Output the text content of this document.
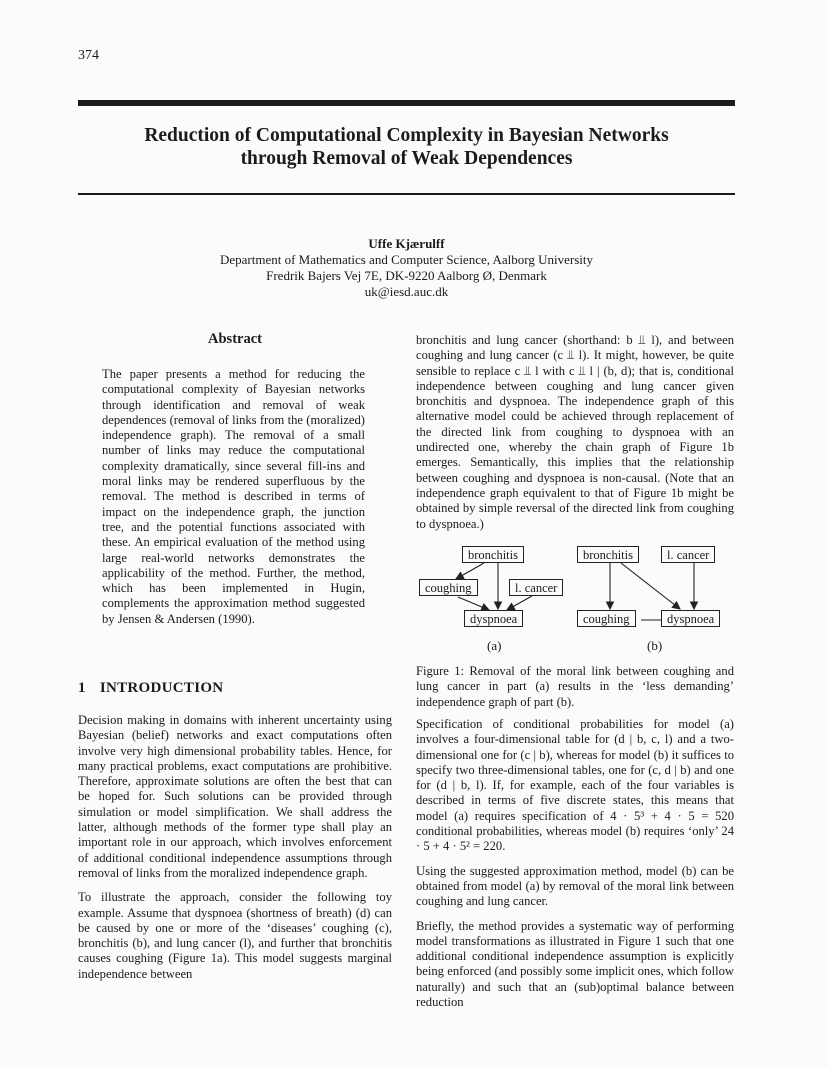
374
Reduction of Computational Complexity in Bayesian Networks
through Removal of Weak Dependences
Uffe Kjærulff
Department of Mathematics and Computer Science, Aalborg University
Fredrik Bajers Vej 7E, DK-9220 Aalborg Ø, Denmark
uk@iesd.auc.dk
Abstract

The paper presents a method for reducing the computational complexity of Bayesian networks through identification and removal of weak dependences (removal of links from the (moralized) independence graph). The removal of a small number of links may reduce the computational complexity dramatically, since several fill-ins and moral links may be rendered superfluous by the removal. The method is described in terms of impact on the independence graph, the junction tree, and the potential functions associated with these. An empirical evaluation of the method using large real-world networks demonstrates the applicability of the method. Further, the method, which has been implemented in Hugin, complements the approximation method suggested by Jensen & Andersen (1990).

1 INTRODUCTION

Decision making in domains with inherent uncertainty using Bayesian (belief) networks and exact computations often involve very high dimensional probability tables. Hence, for many practical problems, exact computations are prohibitive. Therefore, approximate solutions are often the best that can be hoped for. Such solutions can be provided through simulation or model simplification. We shall address the latter, although methods of the former type shall play an important role in our approach, which involves enforcement of additional conditional independence assumptions through removal of links from the moralized independence graph.

To illustrate the approach, consider the following toy example. Assume that dyspnoea (shortness of breath) (d) can be caused by one or more of the ‘diseases’ coughing (c), bronchitis (b), and lung cancer (l), and further that bronchitis causes coughing (Figure 1a). This model suggests marginal independence between

bronchitis and lung cancer (shorthand: b ⫫ l), and between coughing and lung cancer (c ⫫ l). It might, however, be quite sensible to replace c ⫫ l with c ⫫ l | (b, d); that is, conditional independence between coughing and lung cancer given bronchitis and dyspnoea. The independence graph of this alternative model could be achieved through replacement of the directed link from coughing to dyspnoea with an undirected one, whereby the chain graph of Figure 1b emerges. Semantically, this implies that the relationship between coughing and dyspnoea is non-causal. (Note that an independence graph equivalent to that of Figure 1b might be obtained by simple reversal of the directed link from coughing to dyspnoea.)

bronchitis
coughing	l. cancer
dyspnoea
bronchitis	l. cancer
coughing	dyspnoea
(a)	(b)
Figure 1: Removal of the moral link between coughing and lung cancer in part (a) results in the ‘less demanding’ independence graph of part (b).

Specification of conditional probabilities for model (a) involves a four-dimensional table for (d | b, c, l) and a two-dimensional one for (c | b), whereas for model (b) it suffices to specify two three-dimensional tables, one for (c, d | b) and one for (d | b, l). If, for example, each of the four variables is described in terms of five discrete states, this means that model (a) requires specification of 4 · 5³ + 4 · 5 = 520 conditional probabilities, whereas model (b) requires ‘only’ 24 · 5 + 4 · 5² = 220.

Using the suggested approximation method, model (b) can be obtained from model (a) by removal of the moral link between coughing and lung cancer.

Briefly, the method provides a systematic way of performing model transformations as illustrated in Figure 1 such that one additional conditional independence assumption is explicitly being enforced (and possibly some implicit ones, which follow naturally) and such that an (sub)optimal balance between reduction
